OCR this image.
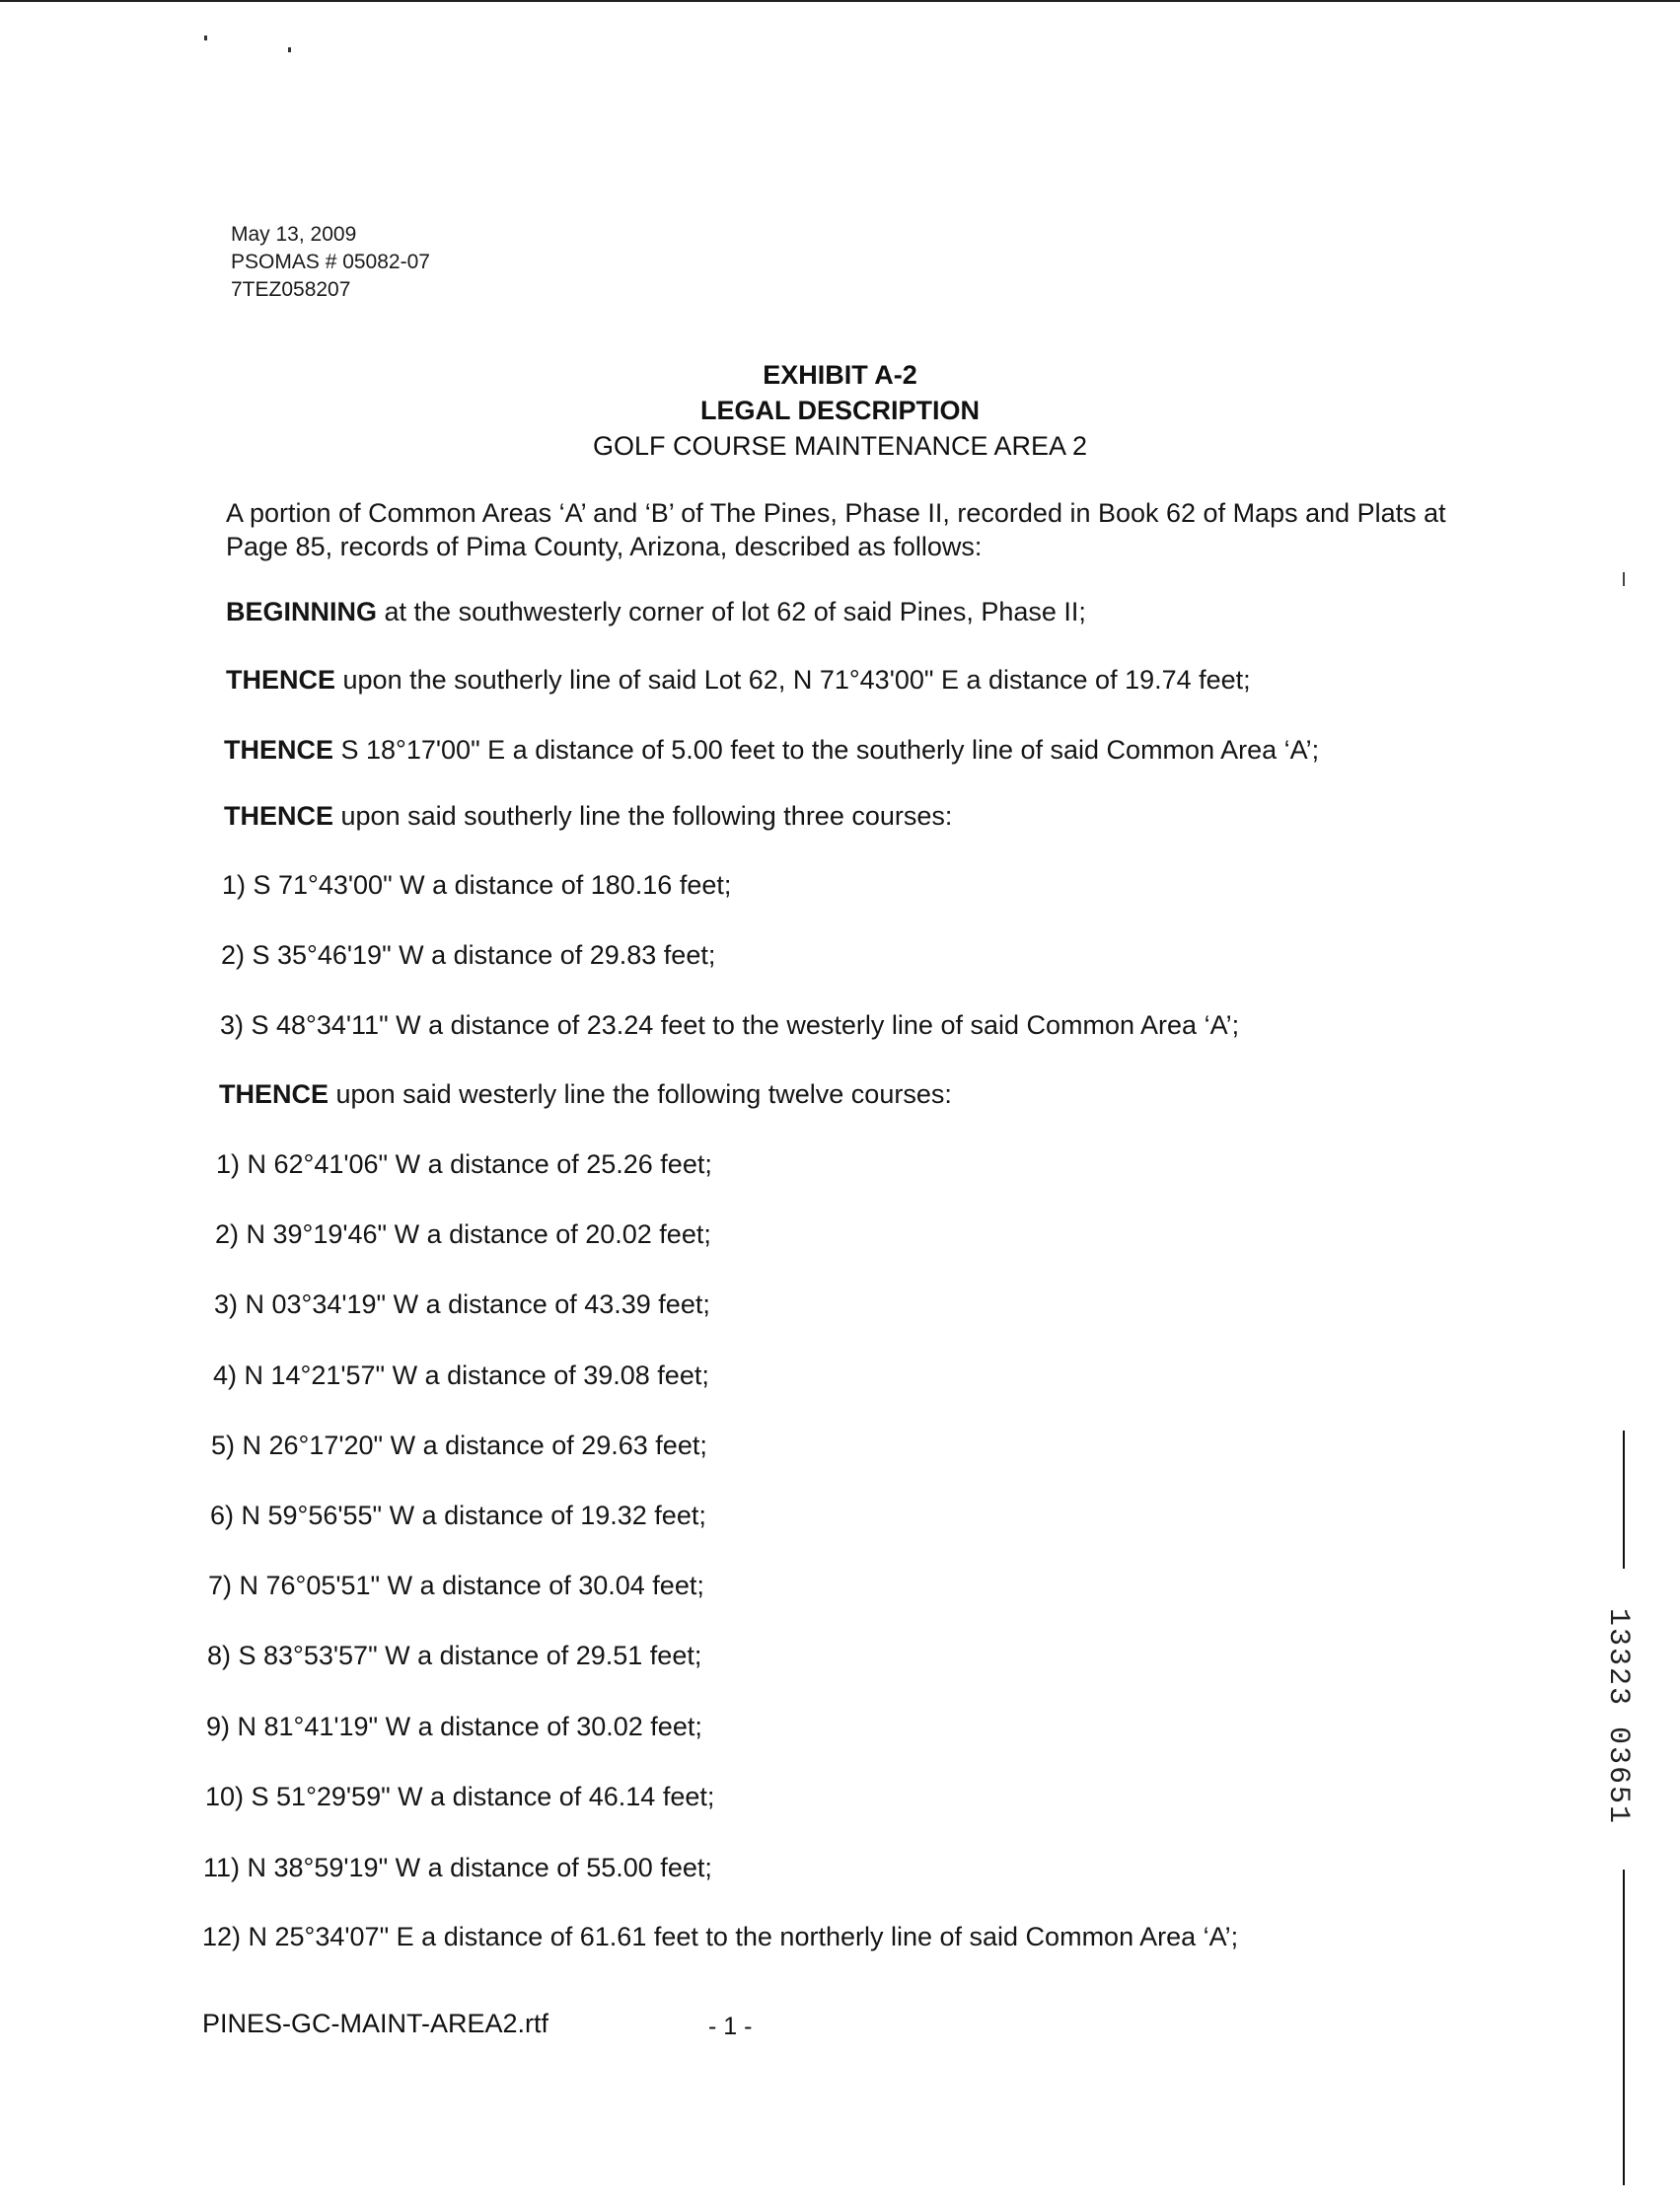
May 13, 2009
PSOMAS # 05082-07
7TEZ058207
EXHIBIT A-2
LEGAL DESCRIPTION
GOLF COURSE MAINTENANCE AREA 2
A portion of Common Areas ‘A’ and ‘B’ of The Pines, Phase II, recorded in Book 62 of Maps and Plats at Page 85, records of Pima County, Arizona, described as follows:
BEGINNING at the southwesterly corner of lot 62 of said Pines, Phase II;
THENCE upon the southerly line of said Lot 62, N 71°43'00" E a distance of 19.74 feet;
THENCE S 18°17'00" E a distance of 5.00 feet to the southerly line of said Common Area ‘A’;
THENCE upon said southerly line the following three courses:
1) S 71°43'00" W a distance of 180.16 feet;
2) S 35°46'19" W a distance of 29.83 feet;
3) S 48°34'11" W a distance of 23.24 feet to the westerly line of said Common Area ‘A’;
THENCE upon said westerly line the following twelve courses:
1) N 62°41'06" W a distance of 25.26 feet;
2) N 39°19'46" W a distance of 20.02 feet;
3) N 03°34'19" W a distance of 43.39 feet;
4) N 14°21'57" W a distance of 39.08 feet;
5) N 26°17'20" W a distance of 29.63 feet;
6) N 59°56'55" W a distance of 19.32 feet;
7) N 76°05'51" W a distance of 30.04 feet;
8) S 83°53'57" W a distance of 29.51 feet;
9) N 81°41'19" W a distance of 30.02 feet;
10) S 51°29'59" W a distance of 46.14 feet;
11) N 38°59'19" W a distance of 55.00 feet;
12) N 25°34'07" E a distance of 61.61 feet to the northerly line of said Common Area ‘A’;
PINES-GC-MAINT-AREA2.rtf	- 1 -
13323 03651
